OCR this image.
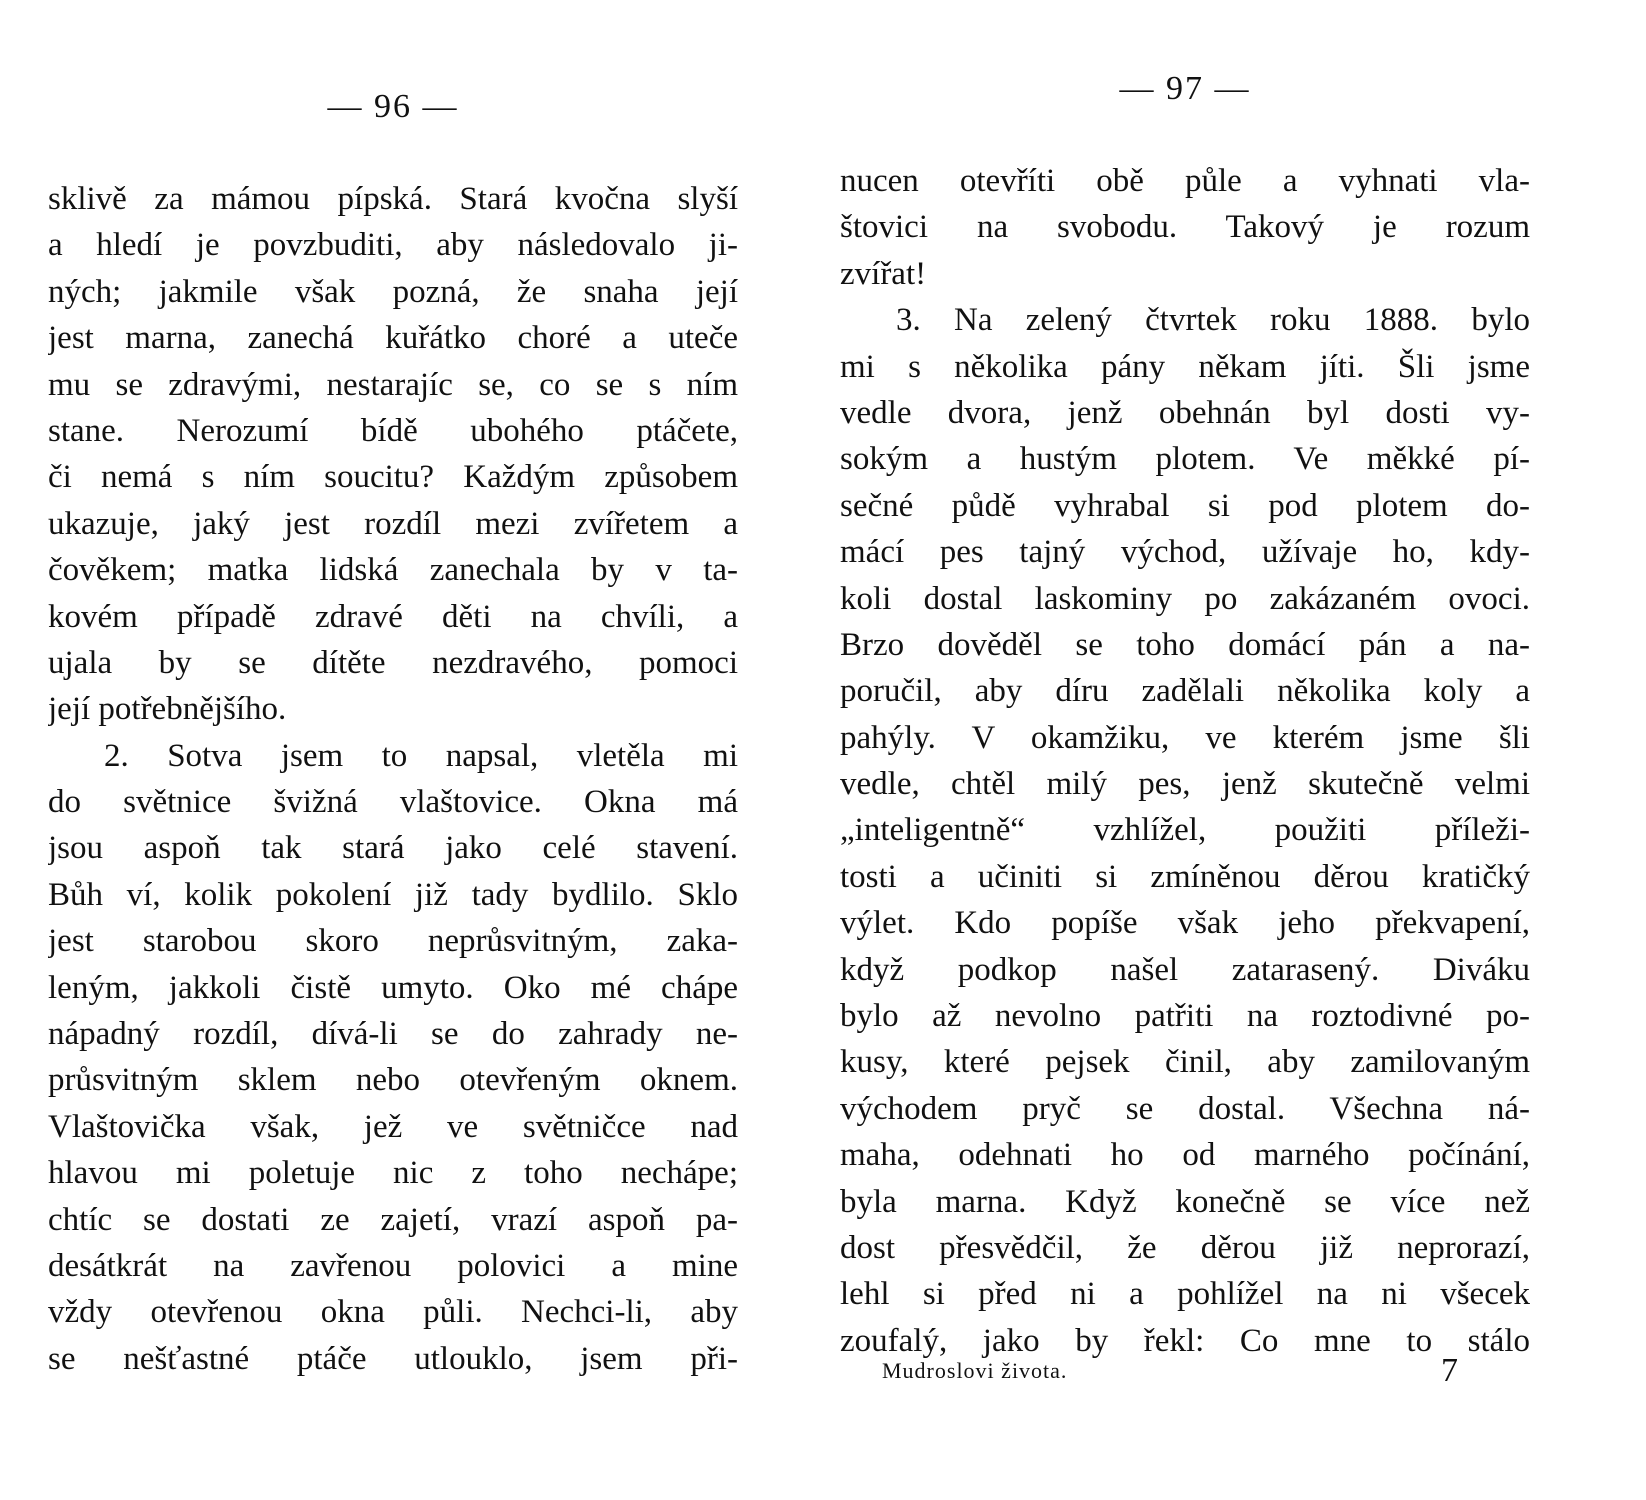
— 96 —
sklivě za mámou pípská. Stará kvočna slyší
a hledí je povzbuditi, aby následovalo ji-
ných; jakmile však pozná, že snaha její
jest marna, zanechá kuřátko choré a uteče
mu se zdravými, nestarajíc se, co se s ním
stane. Nerozumí bídě ubohého ptáčete,
či nemá s ním soucitu? Každým způsobem
ukazuje, jaký jest rozdíl mezi zvířetem a
čověkem; matka lidská zanechala by v ta-
kovém případě zdravé děti na chvíli, a
ujala by se dítěte nezdravého, pomoci
její potřebnějšího.
2. Sotva jsem to napsal, vletěla mi
do světnice švižná vlaštovice. Okna má
jsou aspoň tak stará jako celé stavení.
Bůh ví, kolik pokolení již tady bydlilo. Sklo
jest starobou skoro neprůsvitným, zaka-
leným, jakkoli čistě umyto. Oko mé chápe
nápadný rozdíl, dívá-li se do zahrady ne-
průsvitným sklem nebo otevřeným oknem.
Vlaštovička však, jež ve světničce nad
hlavou mi poletuje nic z toho nechápe;
chtíc se dostati ze zajetí, vrazí aspoň pa-
desátkrát na zavřenou polovici a mine
vždy otevřenou okna půli. Nechci-li, aby
se nešťastné ptáče utlouklo, jsem při-
— 97 —
nucen otevříti obě půle a vyhnati vla-
štovici na svobodu. Takový je rozum
zvířat!
3. Na zelený čtvrtek roku 1888. bylo
mi s několika pány někam jíti. Šli jsme
vedle dvora, jenž obehnán byl dosti vy-
sokým a hustým plotem. Ve měkké pí-
sečné půdě vyhrabal si pod plotem do-
mácí pes tajný východ, užívaje ho, kdy-
koli dostal laskominy po zakázaném ovoci.
Brzo dověděl se toho domácí pán a na-
poručil, aby díru zadělali několika koly a
pahýly. V okamžiku, ve kterém jsme šli
vedle, chtěl milý pes, jenž skutečně velmi
„inteligentně“ vzhlížel, použiti příleži-
tosti a učiniti si zmíněnou děrou kratičký
výlet. Kdo popíše však jeho překvapení,
když podkop našel zatarasený. Diváku
bylo až nevolno patřiti na roztodivné po-
kusy, které pejsek činil, aby zamilovaným
východem pryč se dostal. Všechna ná-
maha, odehnati ho od marného počínání,
byla marna. Když konečně se více než
dost přesvědčil, že děrou již neprorazí,
lehl si před ni a pohlížel na ni všecek
zoufalý, jako by řekl: Co mne to stálo
Mudroslovi života.	7
